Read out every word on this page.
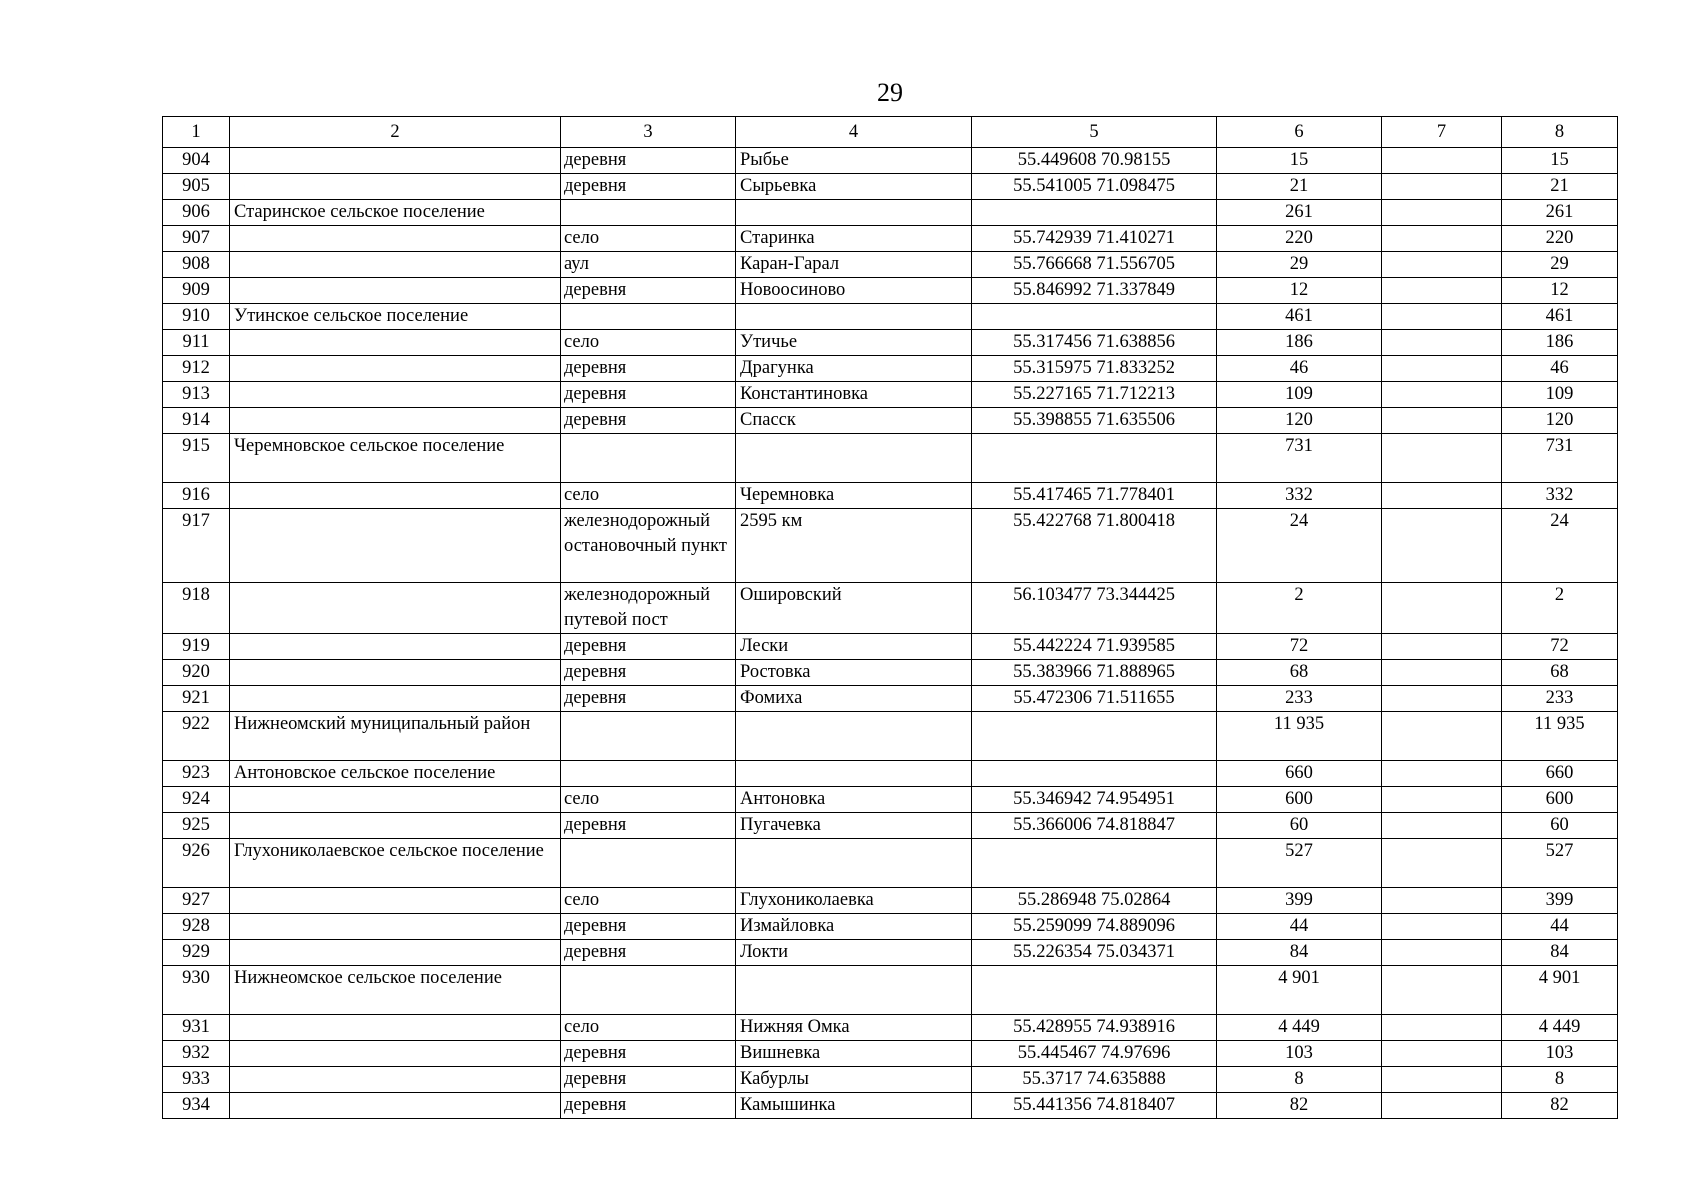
29
1	2	3	4	5	6	7	8
904		деревня	Рыбье	55.449608 70.98155	15		15
905		деревня	Сырьевка	55.541005 71.098475	21		21
906	Старинское сельское поселение				261		261
907		село	Старинка	55.742939 71.410271	220		220
908		аул	Каран-Гарал	55.766668 71.556705	29		29
909		деревня	Новоосиново	55.846992 71.337849	12		12
910	Утинское сельское поселение				461		461
911		село	Утичье	55.317456 71.638856	186		186
912		деревня	Драгунка	55.315975 71.833252	46		46
913		деревня	Константиновка	55.227165 71.712213	109		109
914		деревня	Спасск	55.398855 71.635506	120		120
915	Черемновское сельское поселение				731		731
916		село	Черемновка	55.417465 71.778401	332		332
917		железнодорожный остановочный пункт	2595 км	55.422768 71.800418	24		24
918		железнодорожный путевой пост	Ошировский	56.103477 73.344425	2		2
919		деревня	Лески	55.442224 71.939585	72		72
920		деревня	Ростовка	55.383966 71.888965	68		68
921		деревня	Фомиха	55.472306 71.511655	233		233
922	Нижнеомский муниципальный район				11 935		11 935
923	Антоновское сельское поселение				660		660
924		село	Антоновка	55.346942 74.954951	600		600
925		деревня	Пугачевка	55.366006 74.818847	60		60
926	Глухониколаевское сельское поселение				527		527
927		село	Глухониколаевка	55.286948 75.02864	399		399
928		деревня	Измайловка	55.259099 74.889096	44		44
929		деревня	Локти	55.226354 75.034371	84		84
930	Нижнеомское сельское поселение				4 901		4 901
931		село	Нижняя Омка	55.428955 74.938916	4 449		4 449
932		деревня	Вишневка	55.445467 74.97696	103		103
933		деревня	Кабурлы	55.3717 74.635888	8		8
934		деревня	Камышинка	55.441356 74.818407	82		82
